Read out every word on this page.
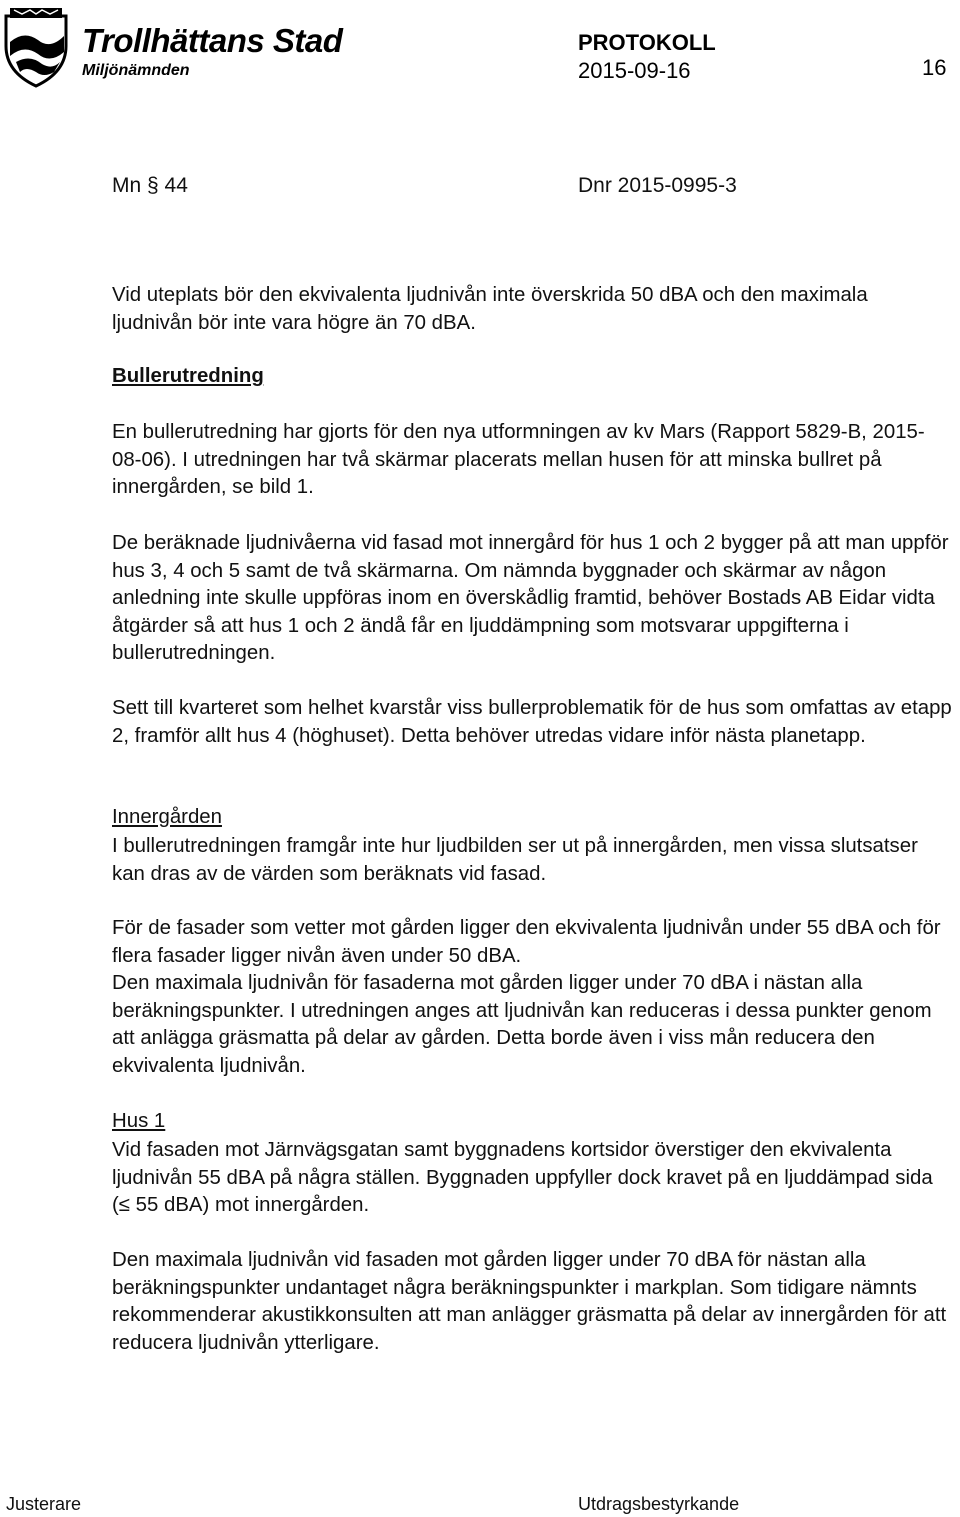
Trollhättans Stad
Miljönämnden
PROTOKOLL
2015-09-16	16
Mn § 44	Dnr 2015-0995-3

Vid uteplats bör den ekvivalenta ljudnivån inte överskrida 50 dBA och den maximala ljudnivån bör inte vara högre än 70 dBA.

Bullerutredning

En bullerutredning har gjorts för den nya utformningen av kv Mars (Rapport 5829-B, 2015-08-06). I utredningen har två skärmar placerats mellan husen för att minska bullret på innergården, se bild 1.

De beräknade ljudnivåerna vid fasad mot innergård för hus 1 och 2 bygger på att man uppför hus 3, 4 och 5 samt de två skärmarna. Om nämnda byggnader och skärmar av någon anledning inte skulle uppföras inom en överskådlig framtid, behöver Bostads AB Eidar vidta åtgärder så att hus 1 och 2 ändå får en ljuddämpning som motsvarar uppgifterna i bullerutredningen.

Sett till kvarteret som helhet kvarstår viss bullerproblematik för de hus som omfattas av etapp 2, framför allt hus 4 (höghuset). Detta behöver utredas vidare inför nästa planetapp.

Innergården

I bullerutredningen framgår inte hur ljudbilden ser ut på innergården, men vissa slutsatser kan dras av de värden som beräknats vid fasad.

För de fasader som vetter mot gården ligger den ekvivalenta ljudnivån under 55 dBA och för flera fasader ligger nivån även under 50 dBA.

Den maximala ljudnivån för fasaderna mot gården ligger under 70 dBA i nästan alla beräkningspunkter. I utredningen anges att ljudnivån kan reduceras i dessa punkter genom att anlägga gräsmatta på delar av gården. Detta borde även i viss mån reducera den ekvivalenta ljudnivån.

Hus 1

Vid fasaden mot Järnvägsgatan samt byggnadens kortsidor överstiger den ekvivalenta ljudnivån 55 dBA på några ställen. Byggnaden uppfyller dock kravet på en ljuddämpad sida (≤ 55 dBA) mot innergården.

Den maximala ljudnivån vid fasaden mot gården ligger under 70 dBA för nästan alla beräkningspunkter undantaget några beräkningspunkter i markplan. Som tidigare nämnts rekommenderar akustikkonsulten att man anlägger gräsmatta på delar av innergården för att reducera ljudnivån ytterligare.

Justerare	Utdragsbestyrkande
